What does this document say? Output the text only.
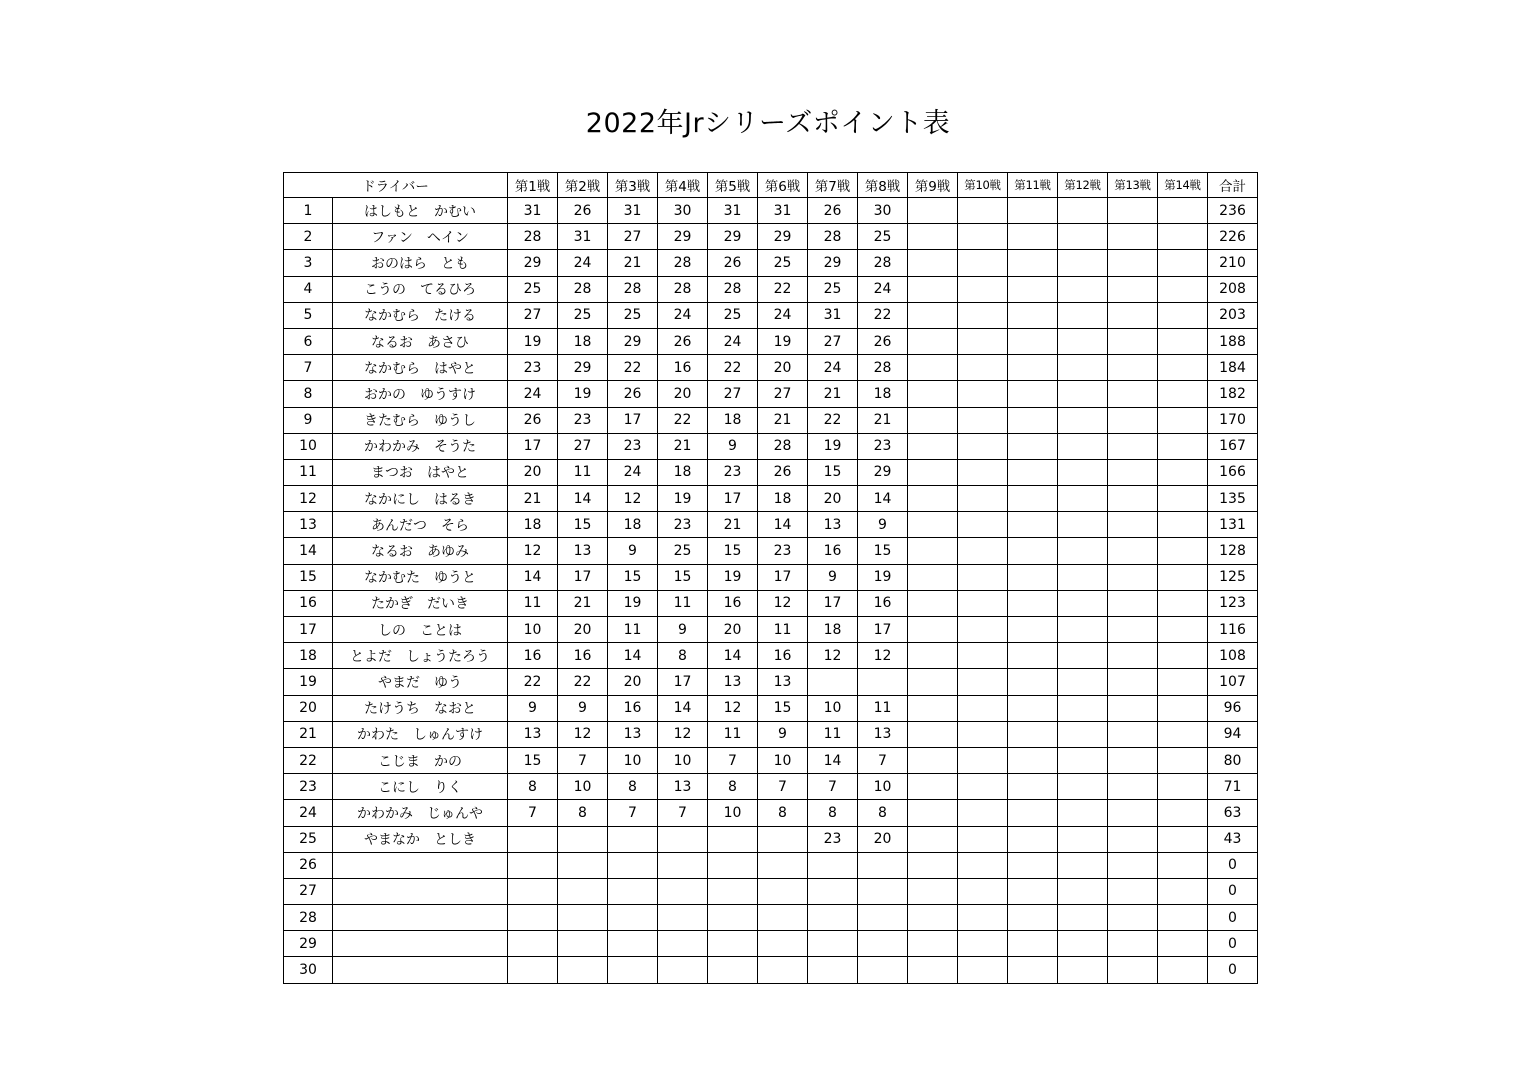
2022年Jrシリーズポイント表
ドライバー		第1戦	第2戦	第3戦	第4戦	第5戦	第6戦	第7戦	第8戦	第9戦	第10戦	第11戦	第12戦	第13戦	第14戦	合計
1	はしもと　かむい	31	26	31	30	31	31	26	30							236
2	ファン　ヘイン	28	31	27	29	29	29	28	25							226
3	おのはら　とも	29	24	21	28	26	25	29	28							210
4	こうの　てるひろ	25	28	28	28	28	22	25	24							208
5	なかむら　たける	27	25	25	24	25	24	31	22							203
6	なるお　あさひ	19	18	29	26	24	19	27	26							188
7	なかむら　はやと	23	29	22	16	22	20	24	28							184
8	おかの　ゆうすけ	24	19	26	20	27	27	21	18							182
9	きたむら　ゆうし	26	23	17	22	18	21	22	21							170
10	かわかみ　そうた	17	27	23	21	9	28	19	23							167
11	まつお　はやと	20	11	24	18	23	26	15	29							166
12	なかにし　はるき	21	14	12	19	17	18	20	14							135
13	あんだつ　そら	18	15	18	23	21	14	13	9							131
14	なるお　あゆみ	12	13	9	25	15	23	16	15							128
15	なかむた　ゆうと	14	17	15	15	19	17	9	19							125
16	たかぎ　だいき	11	21	19	11	16	12	17	16							123
17	しの　ことは	10	20	11	9	20	11	18	17							116
18	とよだ　しょうたろう	16	16	14	8	14	16	12	12							108
19	やまだ　ゆう	22	22	20	17	13	13									107
20	たけうち　なおと	9	9	16	14	12	15	10	11							96
21	かわた　しゅんすけ	13	12	13	12	11	9	11	13							94
22	こじま　かの	15	7	10	10	7	10	14	7							80
23	こにし　りく	8	10	8	13	8	7	7	10							71
24	かわかみ　じゅんや	7	8	7	7	10	8	8	8							63
25	やまなか　としき							23	20							43
26																0
27																0
28																0
29																0
30																0
